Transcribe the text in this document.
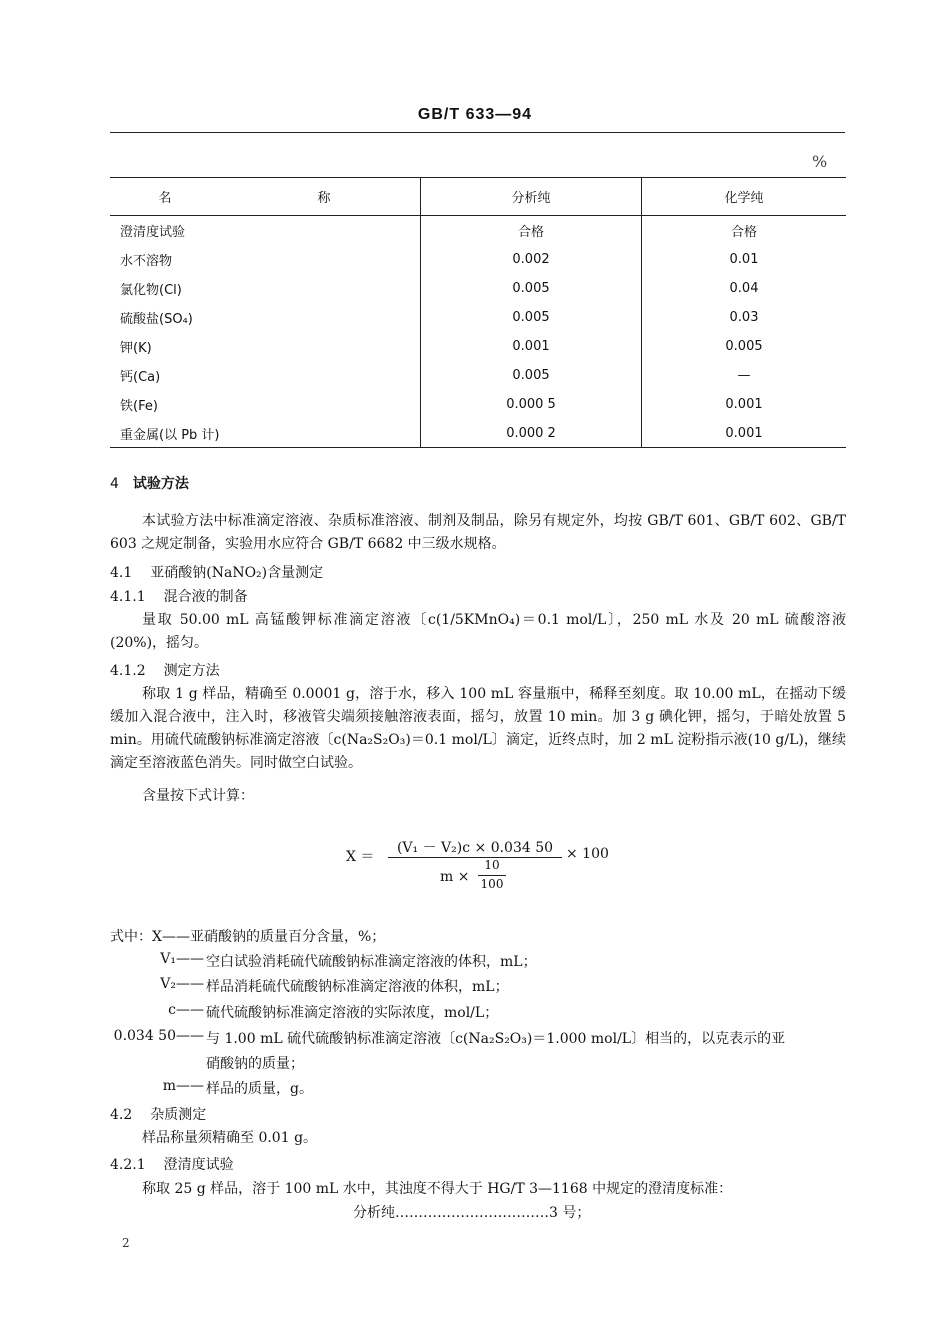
GB/T 633—94
%
名　　称	分析纯	化学纯
澄清度试验	合格	合格
水不溶物	0.002	0.01
氯化物(Cl)	0.005	0.04
硫酸盐(SO₄)	0.005	0.03
钾(K)	0.001	0.005
钙(Ca)	0.005	—
铁(Fe)	0.000 5	0.001
重金属(以 Pb 计)	0.000 2	0.001
4 试验方法
本试验方法中标准滴定溶液、杂质标准溶液、制剂及制品，除另有规定外，均按 GB/T 601、GB/T 602、GB/T 603 之规定制备，实验用水应符合 GB/T 6682 中三级水规格。
4.1 亚硝酸钠(NaNO₂)含量测定
4.1.1 混合液的制备
量取 50.00 mL 高锰酸钾标准滴定溶液〔c(1/5KMnO₄)＝0.1 mol/L〕，250 mL 水及 20 mL 硫酸溶液(20%)，摇匀。
4.1.2 测定方法
称取 1 g 样品，精确至 0.0001 g，溶于水，移入 100 mL 容量瓶中，稀释至刻度。取 10.00 mL，在摇动下缓缓加入混合液中，注入时，移液管尖端须接触溶液表面，摇匀，放置 10 min。加 3 g 碘化钾，摇匀，于暗处放置 5 min。用硫代硫酸钠标准滴定溶液〔c(Na₂S₂O₃)＝0.1 mol/L〕滴定，近终点时，加 2 mL 淀粉指示液(10 g/L)，继续滴定至溶液蓝色消失。同时做空白试验。
含量按下式计算：
X ＝
(V₁ － V₂)c × 0.034 50
m ×
10
100
× 100
式中：X——亚硝酸钠的质量百分含量，%；
V₁—— 空白试验消耗硫代硫酸钠标准滴定溶液的体积，mL；
V₂—— 样品消耗硫代硫酸钠标准滴定溶液的体积，mL；
c—— 硫代硫酸钠标准滴定溶液的实际浓度，mol/L；
0.034 50—— 与 1.00 mL 硫代硫酸钠标准滴定溶液〔c(Na₂S₂O₃)＝1.000 mol/L〕相当的，以克表示的亚
硝酸钠的质量；
m—— 样品的质量，g。
4.2 杂质测定
样品称量须精确至 0.01 g。
4.2.1 澄清度试验
称取 25 g 样品，溶于 100 mL 水中，其浊度不得大于 HG/T 3—1168 中规定的澄清度标准：
分析纯……………………………3 号；
2
